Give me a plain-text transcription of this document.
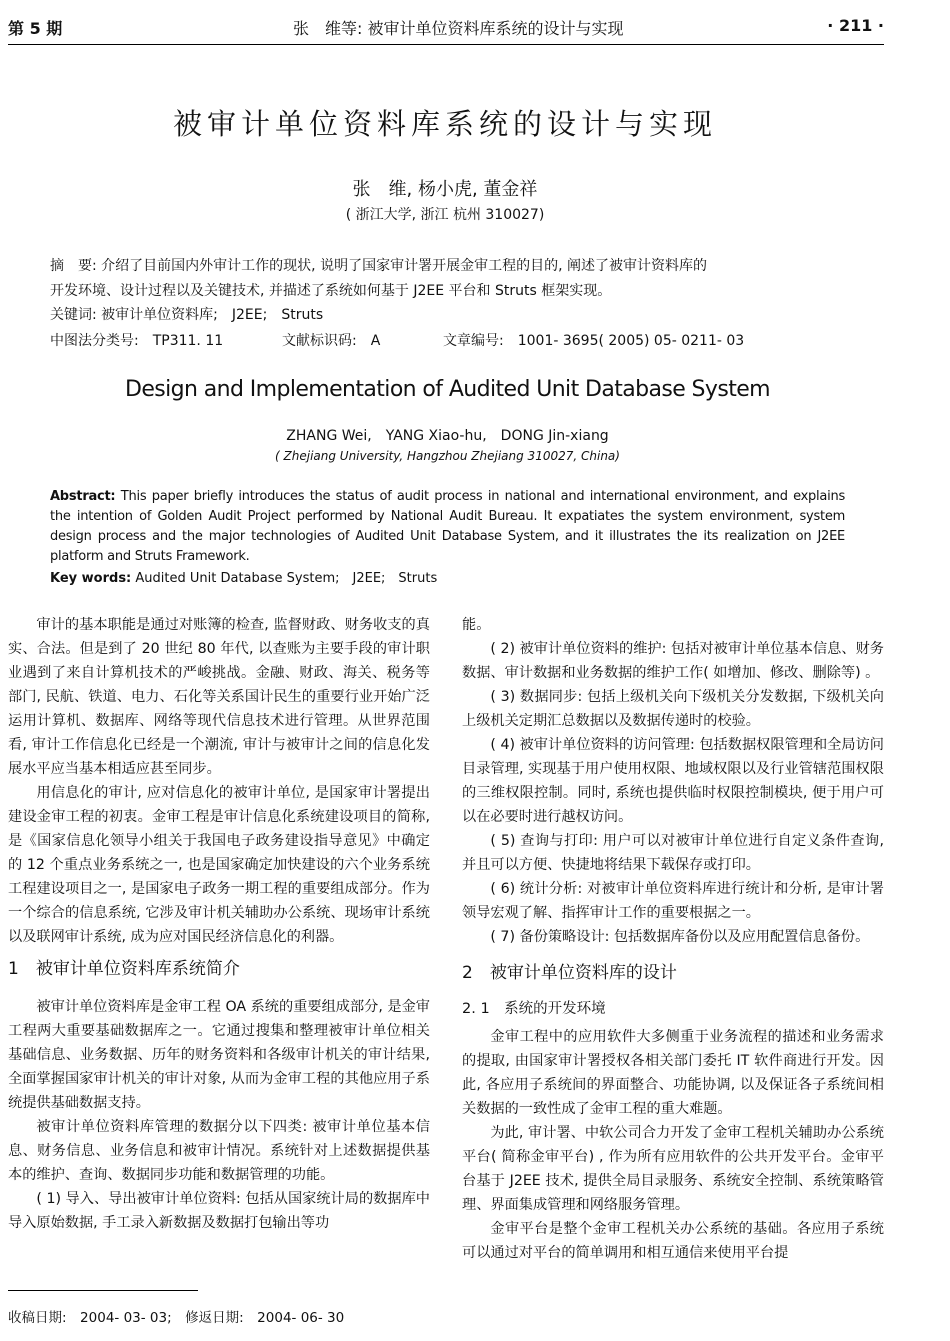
第 5 期	张　维等: 被审计单位资料库系统的设计与实现	· 211 ·
被审计单位资料库系统的设计与实现
张　维, 杨小虎, 董金祥
( 浙江大学, 浙江 杭州 310027)
摘　要: 介绍了目前国内外审计工作的现状, 说明了国家审计署开展金审工程的目的, 阐述了被审计资料库的
开发环境、设计过程以及关键技术, 并描述了系统如何基于 J2EE 平台和 Struts 框架实现。
关键词: 被审计单位资料库;　J2EE;　Struts
中图法分类号:　TP311. 11	文献标识码:　A	文章编号:　1001- 3695( 2005) 05- 0211- 03
Design and Implementation of Audited Unit Database System
ZHANG Wei,　YANG Xiao-hu,　DONG Jin-xiang
( Zhejiang University, Hangzhou Zhejiang 310027, China)
Abstract: This paper briefly introduces the status of audit process in national and international environment, and explains the intention of Golden Audit Project performed by National Audit Bureau. It expatiates the system environment, system design process and the major technologies of Audited Unit Database System, and it illustrates the its realization on J2EE platform and Struts Framework.
Key words: Audited Unit Database System;　J2EE;　Struts

审计的基本职能是通过对账簿的检查, 监督财政、财务收支的真实、合法。但是到了 20 世纪 80 年代, 以查账为主要手段的审计职业遇到了来自计算机技术的严峻挑战。金融、财政、海关、税务等部门, 民航、铁道、电力、石化等关系国计民生的重要行业开始广泛运用计算机、数据库、网络等现代信息技术进行管理。从世界范围看, 审计工作信息化已经是一个潮流, 审计与被审计之间的信息化发展水平应当基本相适应甚至同步。

用信息化的审计, 应对信息化的被审计单位, 是国家审计署提出建设金审工程的初衷。金审工程是审计信息化系统建设项目的简称, 是《国家信息化领导小组关于我国电子政务建设指导意见》中确定的 12 个重点业务系统之一, 也是国家确定加快建设的六个业务系统工程建设项目之一, 是国家电子政务一期工程的重要组成部分。作为一个综合的信息系统, 它涉及审计机关辅助办公系统、现场审计系统以及联网审计系统, 成为应对国民经济信息化的利器。

1　被审计单位资料库系统简介

被审计单位资料库是金审工程 OA 系统的重要组成部分, 是金审工程两大重要基础数据库之一。它通过搜集和整理被审计单位相关基础信息、业务数据、历年的财务资料和各级审计机关的审计结果, 全面掌握国家审计机关的审计对象, 从而为金审工程的其他应用子系统提供基础数据支持。

被审计单位资料库管理的数据分以下四类: 被审计单位基本信息、财务信息、业务信息和被审计情况。系统针对上述数据提供基本的维护、查询、数据同步功能和数据管理的功能。

( 1) 导入、导出被审计单位资料: 包括从国家统计局的数据库中导入原始数据, 手工录入新数据及数据打包输出等功

能。

( 2) 被审计单位资料的维护: 包括对被审计单位基本信息、财务数据、审计数据和业务数据的维护工作( 如增加、修改、删除等) 。

( 3) 数据同步: 包括上级机关向下级机关分发数据, 下级机关向上级机关定期汇总数据以及数据传递时的校验。

( 4) 被审计单位资料的访问管理: 包括数据权限管理和全局访问目录管理, 实现基于用户使用权限、地域权限以及行业管辖范围权限的三维权限控制。同时, 系统也提供临时权限控制模块, 便于用户可以在必要时进行越权访问。

( 5) 查询与打印: 用户可以对被审计单位进行自定义条件查询, 并且可以方便、快捷地将结果下载保存或打印。

( 6) 统计分析: 对被审计单位资料库进行统计和分析, 是审计署领导宏观了解、指挥审计工作的重要根据之一。

( 7) 备份策略设计: 包括数据库备份以及应用配置信息备份。

2　被审计单位资料库的设计

2. 1　系统的开发环境

金审工程中的应用软件大多侧重于业务流程的描述和业务需求的提取, 由国家审计署授权各相关部门委托 IT 软件商进行开发。因此, 各应用子系统间的界面整合、功能协调, 以及保证各子系统间相关数据的一致性成了金审工程的重大难题。

为此, 审计署、中软公司合力开发了金审工程机关辅助办公系统平台( 简称金审平台) , 作为所有应用软件的公共开发平台。金审平台基于 J2EE 技术, 提供全局目录服务、系统安全控制、系统策略管理、界面集成管理和网络服务管理。

金审平台是整个金审工程机关办公系统的基础。各应用子系统可以通过对平台的简单调用和相互通信来使用平台提

收稿日期:　2004- 03- 03;　修返日期:　2004- 06- 30
